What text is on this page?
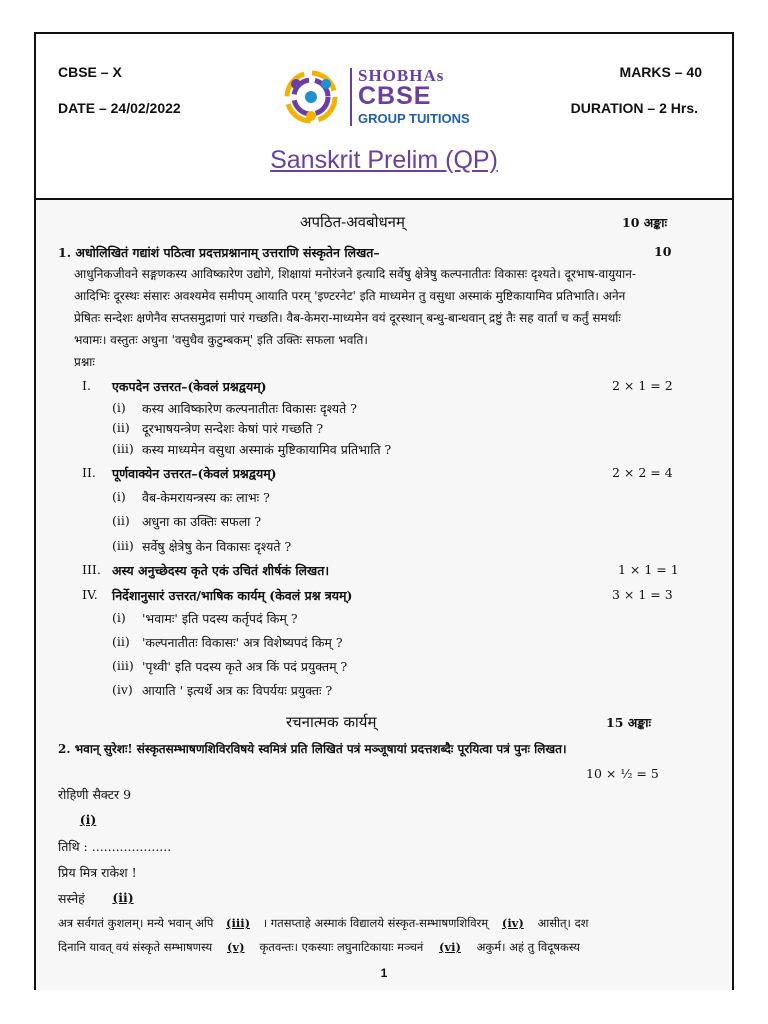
CBSE – X
DATE – 24/02/2022
MARKS – 40
DURATION – 2 Hrs.
SHOBHAs
CBSE
GROUP TUITIONS
Sanskrit Prelim (QP)
अपठित-अवबोधनम्	10 अङ्काः
1. अधोलिखितं गद्यांशं पठित्वा प्रदत्तप्रश्नानाम् उत्तराणि संस्कृतेन लिखत–	10
आधुनिकजीवने सङ्गणकस्य आविष्कारेण उद्योगे, शिक्षायां मनोरंजने इत्यादि सर्वेषु क्षेत्रेषु कल्पनातीतः विकासः दृश्यते। दूरभाष-वायुयान-
आदिभिः दूरस्थः संसारः अवश्यमेव समीपम् आयाति परम् 'इण्टरनेट' इति माध्यमेन तु वसुधा अस्माकं मुष्टिकायामिव प्रतिभाति। अनेन
प्रेषितः सन्देशः क्षणेनैव सप्तसमुद्राणां पारं गच्छति। वैब-केमरा-माध्यमेन वयं दूरस्थान् बन्धु-बान्धवान् द्रष्टुं तैः सह वार्तां च कर्तुं समर्थाः
भवामः। वस्तुतः अधुना 'वसुधैव कुटुम्बकम्' इति उक्तिः सफला भवति।
प्रश्नाः
I. एकपदेन उत्तरत–(केवलं प्रश्नद्वयम्)	2 × 1 = 2
(i) कस्य आविष्कारेण कल्पनातीतः विकासः दृश्यते ?
(ii) दूरभाषयन्त्रेण सन्देशः केषां पारं गच्छति ?
(iii) कस्य माध्यमेन वसुधा अस्माकं मुष्टिकायामिव प्रतिभाति ?
II. पूर्णवाक्येन उत्तरत–(केवलं प्रश्नद्वयम्)	2 × 2 = 4
(i) वैब-केमरायन्त्रस्य कः लाभः ?
(ii) अधुना का उक्तिः सफला ?
(iii) सर्वेषु क्षेत्रेषु केन विकासः दृश्यते ?
III. अस्य अनुच्छेदस्य कृते एकं उचितं शीर्षकं लिखत।	1 × 1 = 1
IV. निर्देशानुसारं उत्तरत/भाषिक कार्यम् (केवलं प्रश्न त्रयम्)	3 × 1 = 3
(i) 'भवामः' इति पदस्य कर्तृपदं किम् ?
(ii) 'कल्पनातीतः विकासः' अत्र विशेष्यपदं किम् ?
(iii) 'पृथ्वी' इति पदस्य कृते अत्र किं पदं प्रयुक्तम् ?
(iv) आयाति ' इत्यर्थे अत्र कः विपर्ययः प्रयुक्तः ?
रचनात्मक कार्यम्	15 अङ्काः
2. भवान् सुरेशः! संस्कृतसम्भाषणशिविरविषये स्वमित्रं प्रति लिखितं पत्रं मञ्जूषायां प्रदत्तशब्दैः पूरयित्वा पत्रं पुनः लिखत।
10 × ½ = 5
रोहिणी सैक्टर 9
(i)
तिथि : ....................
प्रिय मित्र राकेश !
सस्नेहं	(ii)
अत्र सर्वगतं कुशलम्। मन्ये भवान् अपि (iii) । गतसप्ताहे अस्माकं विद्यालये संस्कृत-सम्भाषणशिविरम् (iv) आसीत्। दश
दिनानि यावत् वयं संस्कृते सम्भाषणस्य (v) कृतवन्तः। एकस्याः लघुनाटिकायाः मञ्चनं (vi) अकुर्म। अहं तु विदूषकस्य
1
